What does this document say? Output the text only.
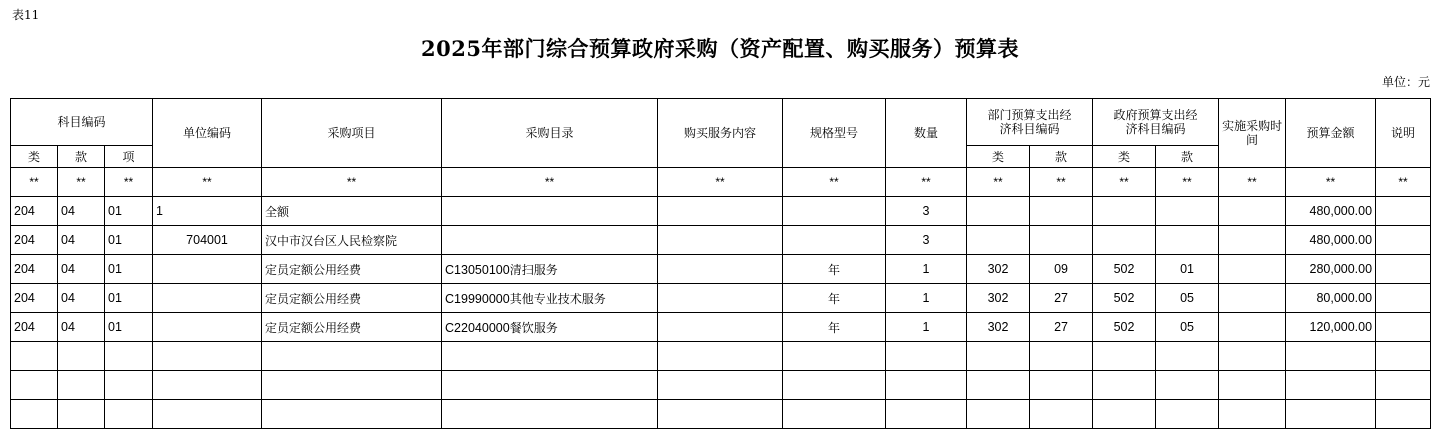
表11
2025年部门综合预算政府采购（资产配置、购买服务）预算表
单位：元
科目编码			单位编码	采购项目	采购目录	购买服务内容	规格型号	数量	部门预算支出经济科目编码		政府预算支出经济科目编码		实施采购时间	预算金额	说明
类	款	项							类	款	类	款			
**	**	**	**	**	**	**	**	**	**	**	**	**	**	**	**
204	04	01	1	全额				3						480,000.00	
204	04	01	704001	汉中市汉台区人民检察院				3						480,000.00	
204	04	01		定员定额公用经费	C13050100清扫服务		年	1	302	09	502	01		280,000.00	
204	04	01		定员定额公用经费	C19990000其他专业技术服务		年	1	302	27	502	05		80,000.00	
204	04	01		定员定额公用经费	C22040000餐饮服务		年	1	302	27	502	05		120,000.00	
